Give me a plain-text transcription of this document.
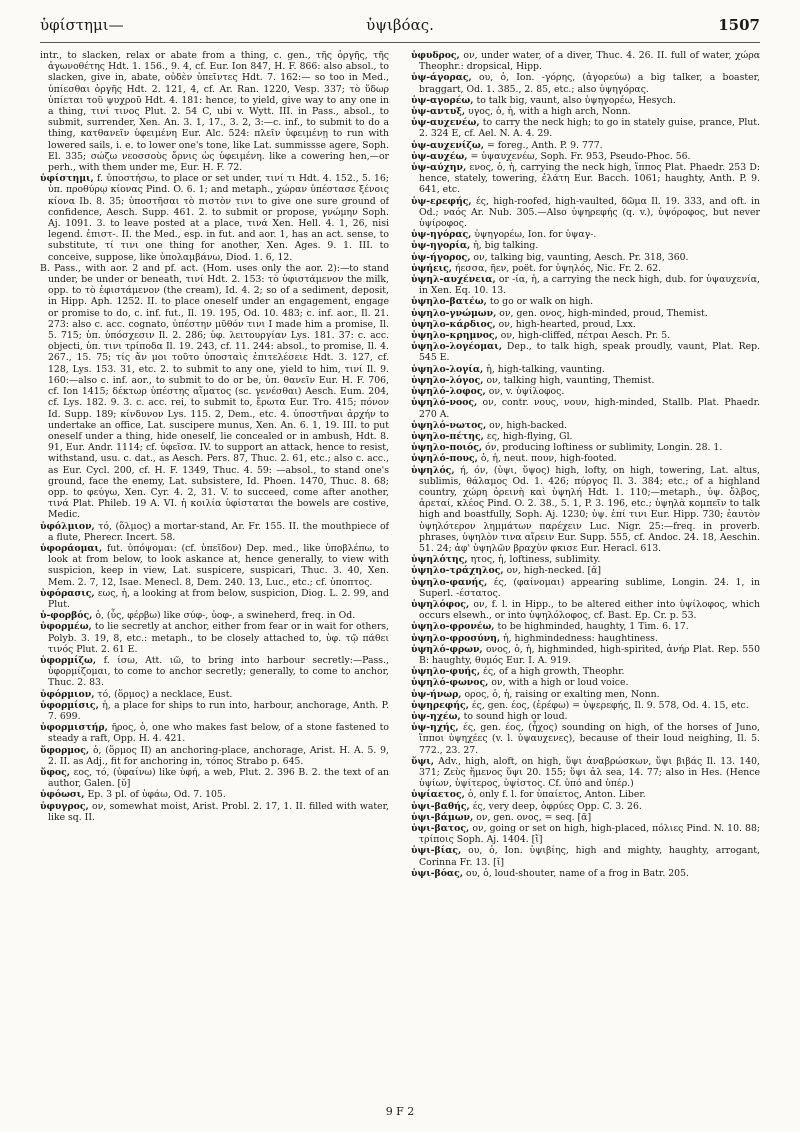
ὑφίστημι—	ὑψιβόας.	1507

intr., to slacken, relax or abate from a thing, c. gen., τῆς ὀργῆς, τῆς ἀγωνοθέτης Hdt. 1. 156., 9. 4, cf. Eur. Ion 847, H. F. 866: also absol., to slacken, give in, abate, οὐδὲν ὑπεῖντες Hdt. 7. 162:— so too in Med., ὑπίεσθαι ὀργῆς Hdt. 2. 121, 4, cf. Ar. Ran. 1220, Vesp. 337; τὸ ὕδωρ ὑπίεται τοῦ ψυχροῦ Hdt. 4. 181: hence, to yield, give way to any one in a thing, τινί τινος Plut. 2. 54 C, ubi v. Wytt. III. in Pass., absol., to submit, surrender, Xen. An. 3. 1, 17., 3. 2, 3:—c. inf., to submit to do a thing, κατθανεῖν ὑφειμένη Eur. Alc. 524: πλεῖν ὑφειμένῃ to run with lowered sails, i. e. to lower one's tone, like Lat. summissse agere, Soph. El. 335; σώζω νεοσσοὺς ὄρνις ὡς ὑφειμένη. like a cowering hen,—or perh., with them under me, Eur. H. F. 72.

ὑφίστημι, f. ὑποστήσω, to place or set under, τινί τι Hdt. 4. 152., 5. 16; ὑπ. προθύρῳ κίονας Pind. O. 6. 1; and metaph., χώραν ὑπέστασε ξένοις κίονα Ib. 8. 35; ὑποστῆσαι τὸ πιστὸν τινι to give one sure ground of confidence, Aesch. Supp. 461. 2. to submit or propose, γνώμην Soph. Aj. 1091. 3. to leave posted at a place, τινά Xen. Hell. 4. 1, 26, nisi legend. ἐπιστ-. II. the Med., esp. in fut. and aor. 1, has an act. sense, to substitute, τί τινι one thing for another, Xen. Ages. 9. 1. III. to conceive, suppose, like ὑπολαμβάνω, Diod. 1. 6, 12.

B. Pass., with aor. 2 and pf. act. (Hom. uses only the aor. 2):—to stand under, be under or beneath, τινί Hdt. 2. 153: τὸ ὑφιστάμενον the milk, opp. to τὸ ἐφιστάμενον (the cream), Id. 4. 2; so of a sediment, deposit, in Hipp. Aph. 1252. II. to place oneself under an engagement, engage or promise to do, c. inf. fut., Il. 19. 195, Od. 10. 483; c. inf. aor., Il. 21. 273: also c. acc. cognato, ὑπέστην μῦθόν τινι I made him a promise, Il. 5. 715; ὑπ. ὑπόσχεσιν Il. 2. 286; ὑφ. λειτουργίαν Lys. 181. 37: c. acc. objecti, ὑπ. τινι τρίποδα Il. 19. 243, cf. 11. 244: absol., to promise, Il. 4. 267., 15. 75; τίς ἄν μοι τοῦτο ὑποσταὶς ἐπιτελέσειε Hdt. 3. 127, cf. 128, Lys. 153. 31, etc. 2. to submit to any one, yield to him, τινί Il. 9. 160:—also c. inf. aor., to submit to do or be, ὑπ. θανεῖν Eur. H. F. 706, cf. Ion 1415; δέκτωρ ὑπέστης αἵματος (sc. γενέσθαι) Aesch. Eum. 204, cf. Lys. 182. 9. 3. c. acc. rei, to submit to, ἔρωτα Eur. Tro. 415; πόνον Id. Supp. 189; κίνδυνον Lys. 115. 2, Dem., etc. 4. ὑποστῆναι ἀρχήν to undertake an office, Lat. suscipere munus, Xen. An. 6. 1, 19. III. to put oneself under a thing, hide oneself, lie concealed or in ambush, Hdt. 8. 91, Eur. Andr. 1114; cf. ὑφεῖσα. IV. to support an attack, hence to resist, withstand, usu. c. dat., as Aesch. Pers. 87, Thuc. 2. 61, etc.; also c. acc., as Eur. Cycl. 200, cf. H. F. 1349, Thuc. 4. 59: —absol., to stand one's ground, face the enemy, Lat. subsistere, Id. Phoen. 1470, Thuc. 8. 68; opp. to φεύγω, Xen. Cyr. 4. 2, 31. V. to succeed, come after another, τινά Plat. Phileb. 19 A. VI. ἡ κοιλία ὑφίσταται the bowels are costive, Medic.

ὑφόλμιον, τό, (ὅλμος) a mortar-stand, Ar. Fr. 155. II. the mouthpiece of a flute, Pherecr. Incert. 58.

ὑφοράομαι, fut. ὑπόψομαι: (cf. ὑπεῖδον) Dep. med., like ὑποβλέπω, to look at from below, to look askance at, hence generally, to view with suspicion, keep in view, Lat. suspicere, suspicari, Thuc. 3. 40, Xen. Mem. 2. 7, 12, Isae. Menecl. 8, Dem. 240. 13, Luc., etc.; cf. ὑποπτος.

ὑφόρασις, εως, ἡ, a looking at from below, suspicion, Diog. L. 2. 99, and Plut.

ὑ-φορβός, ὁ, (ὗς, φέρβω) like σύφ-, ὑοφ-, a swineherd, freq. in Od.

ὑφορμέω, to lie secretly at anchor, either from fear or in wait for others, Polyb. 3. 19, 8, etc.: metaph., to be closely attached to, ὑφ. τῷ πάθει τινός Plut. 2. 61 E.

ὑφορμίζω, f. ίσω, Att. ιῶ, to bring into harbour secretly:—Pass., ὑφορμίζομαι, to come to anchor secretly; generally, to come to anchor, Thuc. 2. 83.

ὑφόρμιον, τό, (ὅρμος) a necklace, Eust.

ὑφορμίσις, ἡ, a place for ships to run into, harbour, anchorage, Anth. P. 7. 699.

ὑφορμιστήρ, ῆρος, ὁ, one who makes fast below, of a stone fastened to steady a raft, Opp. H. 4. 421.

ὕφορμος, ὁ, (ὅρμος II) an anchoring-place, anchorage, Arist. H. A. 5. 9, 2. II. as Adj., fit for anchoring in, τόπος Strabo p. 645.

ὕφος, εος, τό, (ὑφαίνω) like ὑφή, a web, Plut. 2. 396 B. 2. the text of an author, Galen. [ῠ]

ὑφόωσι, Ep. 3 pl. of ὑφάω, Od. 7. 105.

ὑφυγρος, ον, somewhat moist, Arist. Probl. 2. 17, 1. II. filled with water, like sq. II.

ὑφυδρος, ον, under water, of a diver, Thuc. 4. 26. II. full of water, χώρα Theophr.: dropsical, Hipp.

ὑψ-άγορας, ου, ὁ, Ion. -γόρης, (ἀγορεύω) a big talker, a boaster, braggart, Od. 1. 385., 2. 85, etc.; also ὑψηγόρας.

ὑψ-αγορέω, to talk big, vaunt, also ὑψηγορέω, Hesych.

ὑψ-αντυξ, υγος, ὁ, ἡ, with a high arch, Nonn.

ὑψ-αυχενέω, to carry the neck high; to go in stately guise, prance, Plut. 2. 324 E, cf. Ael. N. A. 4. 29.

ὑψ-αυχενίζω, = foreg., Anth. P. 9. 777.

ὑψ-αυχέω, = ὑψαυχενέω, Soph. Fr. 953, Pseudo-Phoc. 56.

ὑψ-αύχην, ενος, ὁ, ἡ, carrying the neck high, ἵππος Plat. Phaedr. 253 D: hence, stately, towering, ἐλάτη Eur. Bacch. 1061; haughty, Anth. P. 9. 641, etc.

ὑψ-ερεφής, ές, high-roofed, high-vaulted, δῶμα Il. 19. 333, and oft. in Od.; ναός Ar. Nub. 305.—Also ὑψηρεφής (q. v.), ὑψόροφος, but never ὑψίροφος.

ὑψ-ηγόρας, ὑψηγορέω, Ion. for ὑψαγ-.

ὑψ-ηγορία, ἡ, big talking.

ὑψ-ήγορος, ον, talking big, vaunting, Aesch. Pr. 318, 360.

ὑψήεις, ήεσσα, ῆεν, poët. for ὑψηλός, Nic. Fr. 2. 62.

ὑψηλ-αυχένεια, or -ία, ἡ, a carrying the neck high, dub. for ὑψαυχενία, in Xen. Eq. 10. 13.

ὑψηλο-βατέω, to go or walk on high.

ὑψηλο-γνώμων, ον, gen. ονος, high-minded, proud, Themist.

ὑψηλο-κάρδιος, ον, high-hearted, proud, Lxx.

ὑψηλο-κρημνος, ον, high-cliffed, πέτραι Aesch. Pr. 5.

ὑψηλο-λογέομαι, Dep., to talk high, speak proudly, vaunt, Plat. Rep. 545 E.

ὑψηλο-λογία, ἡ, high-talking, vaunting.

ὑψηλο-λόγος, ον, talking high, vaunting, Themist.

ὑψηλό-λοφος, ον, v. ὑψίλοφος.

ὑψηλό-νοος, ον, contr. νους, νουν, high-minded, Stallb. Plat. Phaedr. 270 A.

ὑψηλό-νωτος, ον, high-backed.

ὑψηλο-πέτης, ες, high-flying, Gl.

ὑψηλο-ποιός, όν, producing loftiness or sublimity, Longin. 28. 1.

ὑψηλό-πους, ὁ, ἡ, neut. πουν, high-footed.

ὑψηλός, ή, όν, (ὑψι, ὕψος) high, lofty, on high, towering, Lat. altus, sublimis, θάλαμος Od. 1. 426; πύργος Il. 3. 384; etc.; of a highland country, χώρη ὀρεινὴ καὶ ὑψηλή Hdt. 1. 110;—metaph., ὑψ. ὄλβος, ἀρεταί, κλέος Pind. O. 2. 38., 5. 1, P. 3. 196, etc.; ὑψηλὰ κομπεῖν to talk high and boastfully, Soph. Aj. 1230; ὑψ. ἐπί τινι Eur. Hipp. 730; ἑαυτὸν ὑψηλότερον λημμάτων παρέχειν Luc. Nigr. 25:—freq. in proverb. phrases, ὑψηλὸν τινα αἴρειν Eur. Supp. 555, cf. Andoc. 24. 18, Aeschin. 51. 24; ἀφ' ὑψηλῶν βραχὺν φκισε Eur. Heracl. 613.

ὑψηλότης, ητος, ἡ, loftiness, sublimity.

ὑψηλο-τράχηλος, ον, high-necked. [ᾰ]

ὑψηλο-φανής, ές, (φαίνομαι) appearing sublime, Longin. 24. 1, in Superl. -έστατος.

ὑψηλόφος, ον, f. l. in Hipp., to be altered either into ὑψίλοφος, which occurs elsewh., or into ὑψηλόλοφος, cf. Bast. Ep. Cr. p. 53.

ὑψηλο-φρονέω, to be highminded, haughty, 1 Tim. 6. 17.

ὑψηλο-φροσύνη, ἡ, highmindedness: haughtiness.

ὑψηλό-φρων, ονος, ὁ, ἡ, highminded, high-spirited, ἀνήρ Plat. Rep. 550 B: haughty, θυμός Eur. I. A. 919.

ὑψηλο-φυής, ές, of a high growth, Theophr.

ὑψηλό-φωνος, ον, with a high or loud voice.

ὑψ-ήνωρ, ορος, ὁ, ἡ, raising or exalting men, Nonn.

ὑψηρεφής, ές, gen. έος, (ἐρέφω) = ὑψερεφής, Il. 9. 578, Od. 4. 15, etc.

ὑψ-ηχέω, to sound high or loud.

ὑψ-ηχής, ές, gen. έος, (ἦχος) sounding on high, of the horses of Juno, ἵπποι ὑψηχέες (v. l. ὑψαυχενες), because of their loud neighing, Il. 5. 772., 23. 27.

ὕψι, Adv., high, aloft, on high, ὕψι ἀναβρώσκων, ὕψι βιβάς Il. 13. 140, 371; Ζεὺς ἥμενος ὕψι 20. 155; ὕψι ἀλ sea, 14. 77; also in Hes. (Hence ὑψίων, ὑψίτερος, ὑψίστος. Cf. ὑπό and ὑπέρ.)

ὑψίαετος, ὁ, only f. l. for ὑπαίετος, Anton. Liber.

ὑψι-βαθής, ές, very deep, ὀφρύες Opp. C. 3. 26.

ὑψι-βάμων, ον, gen. ονος, = seq. [ᾱ]

ὑψι-βατος, ον, going or set on high, high-placed, πόλιες Pind. N. 10. 88; τρίποις Soph. Aj. 1404. [ἴ]

ὑψι-βίας, ου, ὁ, Ion. ὑψιβίης, high and mighty, haughty, arrogant, Corinna Fr. 13. [ῐ]

ὑψι-βόας, ου, ὁ, loud-shouter, name of a frog in Batr. 205.

9 F 2
